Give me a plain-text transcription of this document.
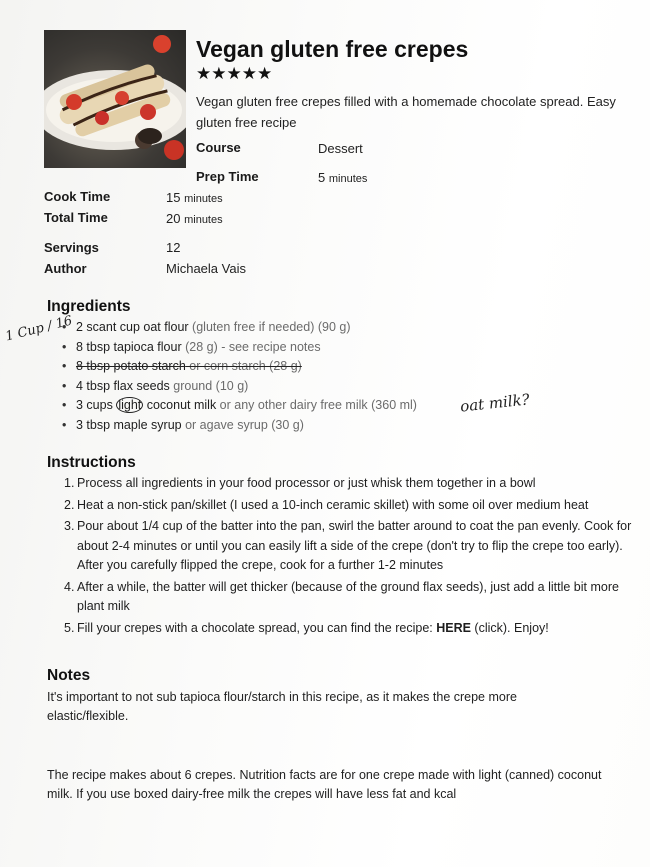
Vegan gluten free crepes
★★★★★
Vegan gluten free crepes filled with a homemade chocolate spread. Easy gluten free recipe
Course	Dessert
Prep Time	5 minutes
Cook Time	15 minutes
Total Time	20 minutes
Servings	12
Author	Michaela Vais
Ingredients
• 2 scant cup oat flour (gluten free if needed) (90 g)
• 8 tbsp tapioca flour (28 g) - see recipe notes
• 8 tbsp potato starch or corn starch (28 g)
• 4 tbsp flax seeds ground (10 g)
• 3 cups light coconut milk or any other dairy free milk (360 ml)
• 3 tbsp maple syrup or agave syrup (30 g)
1 Cup / 16
oat milk?
Instructions
1. Process all ingredients in your food processor or just whisk them together in a bowl
2. Heat a non-stick pan/skillet (I used a 10-inch ceramic skillet) with some oil over medium heat
3. Pour about 1/4 cup of the batter into the pan, swirl the batter around to coat the pan evenly. Cook for about 2-4 minutes or until you can easily lift a side of the crepe (don't try to flip the crepe too early). After you carefully flipped the crepe, cook for a further 1-2 minutes
4. After a while, the batter will get thicker (because of the ground flax seeds), just add a little bit more plant milk
5. Fill your crepes with a chocolate spread, you can find the recipe: HERE (click). Enjoy!
Notes
It's important to not sub tapioca flour/starch in this recipe, as it makes the crepe more elastic/flexible.
The recipe makes about 6 crepes. Nutrition facts are for one crepe made with light (canned) coconut milk. If you use boxed dairy-free milk the crepes will have less fat and kcal
